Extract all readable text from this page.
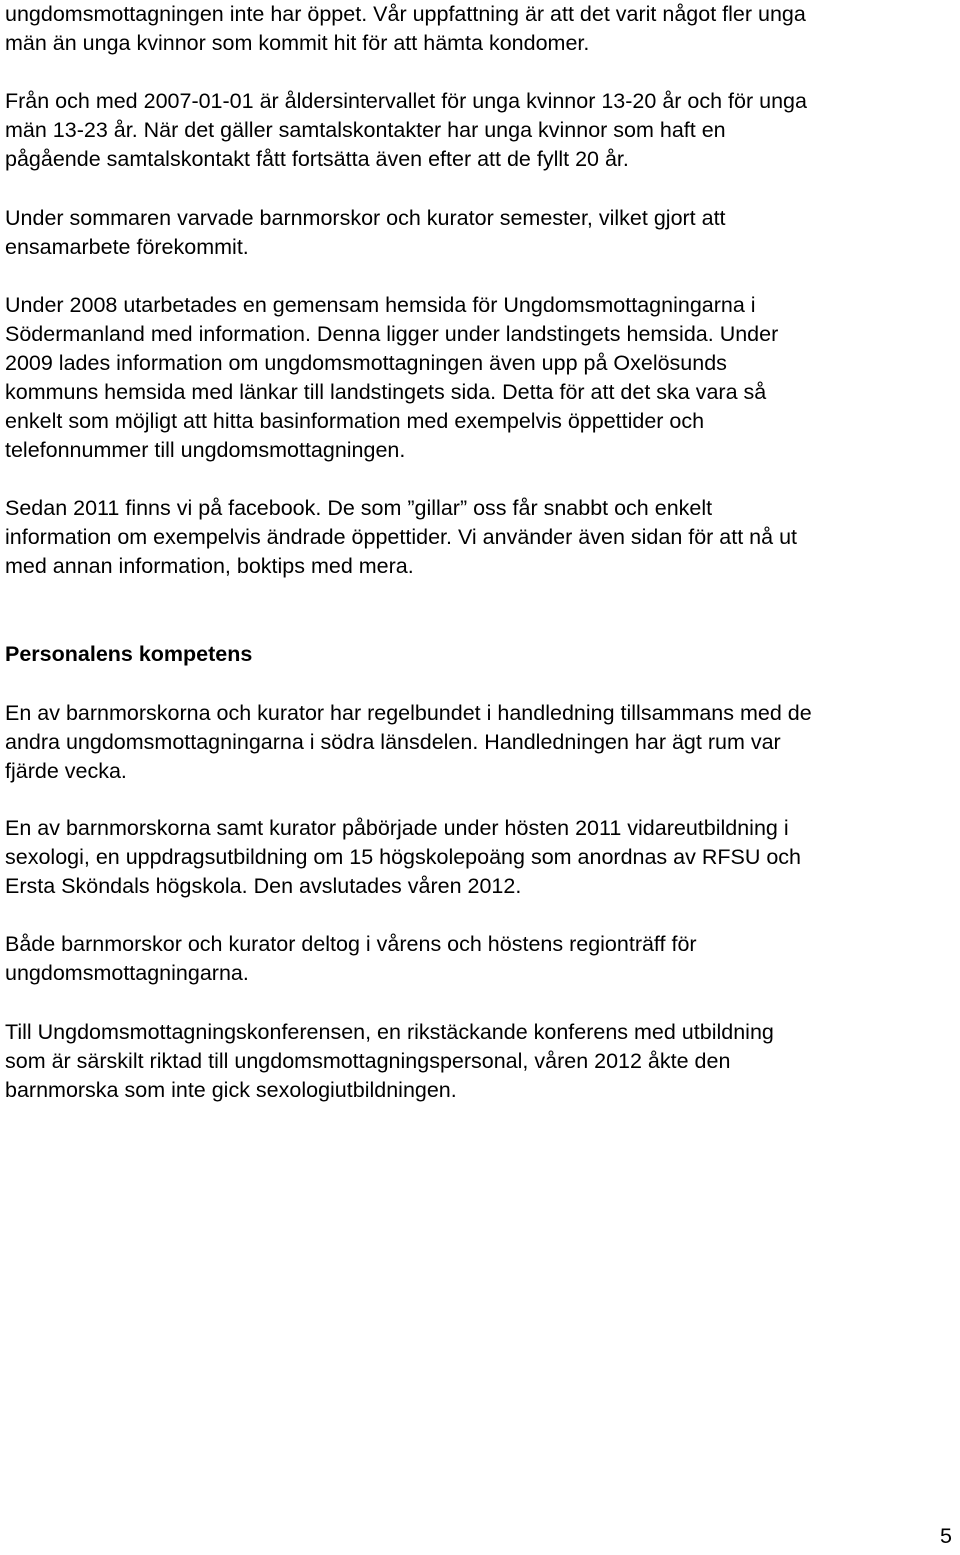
ungdomsmottagningen inte har öppet. Vår uppfattning är att det varit något fler unga
män än unga kvinnor som kommit hit för att hämta kondomer.
Från och med 2007-01-01 är åldersintervallet för unga kvinnor 13-20 år och för unga
män 13-23 år. När det gäller samtalskontakter har unga kvinnor som haft en
pågående samtalskontakt fått fortsätta även efter att de fyllt 20 år.
Under sommaren varvade barnmorskor och kurator semester, vilket gjort att
ensamarbete förekommit.
Under 2008 utarbetades en gemensam hemsida för Ungdomsmottagningarna i
Södermanland med information. Denna ligger under landstingets hemsida. Under
2009 lades information om ungdomsmottagningen även upp på Oxelösunds
kommuns hemsida med länkar till landstingets sida. Detta för att det ska vara så
enkelt som möjligt att hitta basinformation med exempelvis öppettider och
telefonnummer till ungdomsmottagningen.
Sedan 2011 finns vi på facebook. De som ”gillar” oss får snabbt och enkelt
information om exempelvis ändrade öppettider. Vi använder även sidan för att nå ut
med annan information, boktips med mera.
Personalens kompetens
En av barnmorskorna och kurator har regelbundet i handledning tillsammans med de
andra ungdomsmottagningarna i södra länsdelen. Handledningen har ägt rum var
fjärde vecka.
En av barnmorskorna samt kurator påbörjade under hösten 2011 vidareutbildning i
sexologi, en uppdragsutbildning om 15 högskolepoäng som anordnas av RFSU och
Ersta Sköndals högskola. Den avslutades våren 2012.
Både barnmorskor och kurator deltog i vårens och höstens regionträff för
ungdomsmottagningarna.
Till Ungdomsmottagningskonferensen, en rikstäckande konferens med utbildning
som är särskilt riktad till ungdomsmottagningspersonal, våren 2012 åkte den
barnmorska som inte gick sexologiutbildningen.
5
